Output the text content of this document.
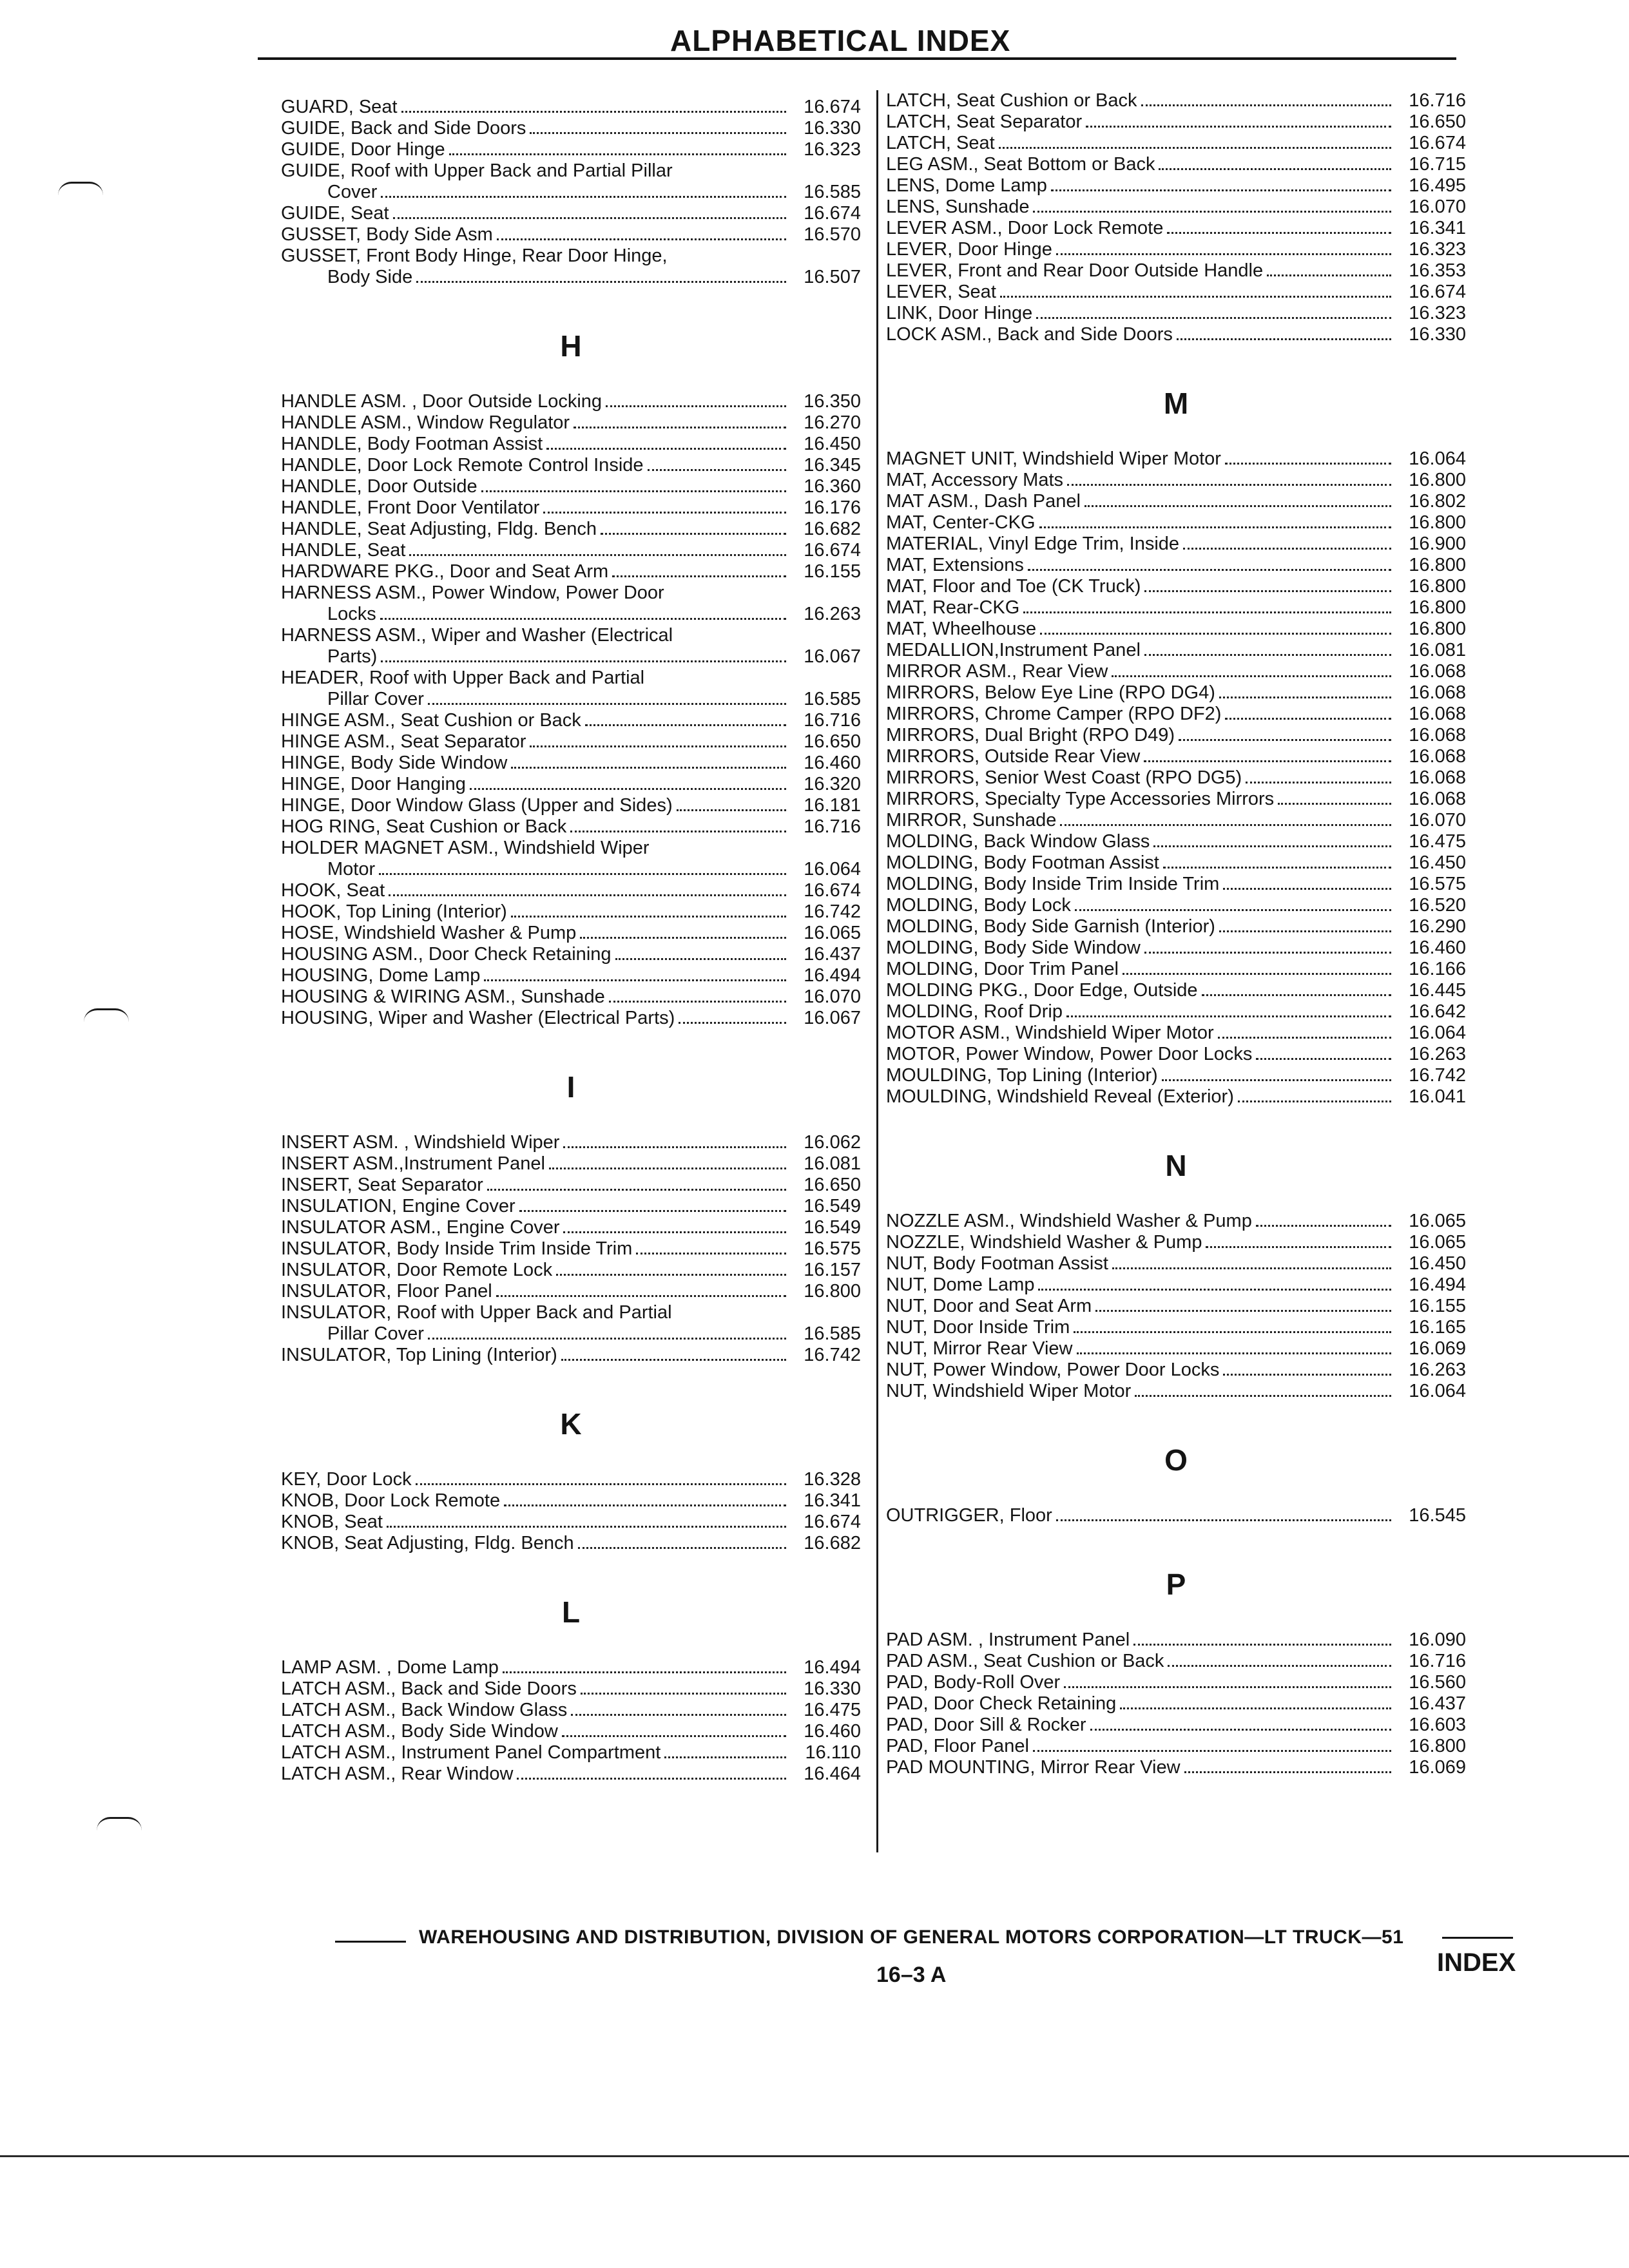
ALPHABETICAL INDEX
GUARD, Seat	16.674
GUIDE, Back and Side Doors	16.330
GUIDE, Door Hinge	16.323
GUIDE, Roof with Upper Back and Partial Pillar
Cover	16.585
GUIDE, Seat	16.674
GUSSET, Body Side Asm	16.570
GUSSET, Front Body Hinge, Rear Door Hinge,
Body Side	16.507
H
HANDLE ASM. , Door Outside Locking	16.350
HANDLE ASM., Window Regulator	16.270
HANDLE, Body Footman Assist	16.450
HANDLE, Door Lock Remote Control Inside	16.345
HANDLE, Door Outside	16.360
HANDLE, Front Door Ventilator	16.176
HANDLE, Seat Adjusting, Fldg. Bench	16.682
HANDLE, Seat	16.674
HARDWARE PKG., Door and Seat Arm	16.155
HARNESS ASM., Power Window, Power Door
Locks	16.263
HARNESS ASM., Wiper and Washer (Electrical
Parts)	16.067
HEADER, Roof with Upper Back and Partial
Pillar Cover	16.585
HINGE ASM., Seat Cushion or Back	16.716
HINGE ASM., Seat Separator	16.650
HINGE, Body Side Window	16.460
HINGE, Door Hanging	16.320
HINGE, Door Window Glass (Upper and Sides)	16.181
HOG RING, Seat Cushion or Back	16.716
HOLDER MAGNET ASM., Windshield Wiper
Motor	16.064
HOOK, Seat	16.674
HOOK, Top Lining (Interior)	16.742
HOSE, Windshield Washer & Pump	16.065
HOUSING ASM., Door Check Retaining	16.437
HOUSING, Dome Lamp	16.494
HOUSING & WIRING ASM., Sunshade	16.070
HOUSING, Wiper and Washer (Electrical Parts)	16.067
I
INSERT ASM. , Windshield Wiper	16.062
INSERT ASM.,Instrument Panel	16.081
INSERT, Seat Separator	16.650
INSULATION, Engine Cover	16.549
INSULATOR ASM., Engine Cover	16.549
INSULATOR, Body Inside Trim Inside Trim	16.575
INSULATOR, Door Remote Lock	16.157
INSULATOR, Floor Panel	16.800
INSULATOR, Roof with Upper Back and Partial
Pillar Cover	16.585
INSULATOR, Top Lining (Interior)	16.742
K
KEY, Door Lock	16.328
KNOB, Door Lock Remote	16.341
KNOB, Seat	16.674
KNOB, Seat Adjusting, Fldg. Bench	16.682
L
LAMP ASM. , Dome Lamp	16.494
LATCH ASM., Back and Side Doors	16.330
LATCH ASM., Back Window Glass	16.475
LATCH ASM., Body Side Window	16.460
LATCH ASM., Instrument Panel Compartment	16.110
LATCH ASM., Rear Window	16.464
LATCH, Seat Cushion or Back	16.716
LATCH, Seat Separator	16.650
LATCH, Seat	16.674
LEG ASM., Seat Bottom or Back	16.715
LENS, Dome Lamp	16.495
LENS, Sunshade	16.070
LEVER ASM., Door Lock Remote	16.341
LEVER, Door Hinge	16.323
LEVER, Front and Rear Door Outside Handle	16.353
LEVER, Seat	16.674
LINK, Door Hinge	16.323
LOCK ASM., Back and Side Doors	16.330
M
MAGNET UNIT, Windshield Wiper Motor	16.064
MAT, Accessory Mats	16.800
MAT ASM., Dash Panel	16.802
MAT, Center-CKG	16.800
MATERIAL, Vinyl Edge Trim, Inside	16.900
MAT, Extensions	16.800
MAT, Floor and Toe (CK Truck)	16.800
MAT, Rear-CKG	16.800
MAT, Wheelhouse	16.800
MEDALLION,Instrument Panel	16.081
MIRROR ASM., Rear View	16.068
MIRRORS, Below Eye Line (RPO DG4)	16.068
MIRRORS, Chrome Camper (RPO DF2)	16.068
MIRRORS, Dual Bright (RPO D49)	16.068
MIRRORS, Outside Rear View	16.068
MIRRORS, Senior West Coast (RPO DG5)	16.068
MIRRORS, Specialty Type Accessories Mirrors	16.068
MIRROR, Sunshade	16.070
MOLDING, Back Window Glass	16.475
MOLDING, Body Footman Assist	16.450
MOLDING, Body Inside Trim Inside Trim	16.575
MOLDING, Body Lock	16.520
MOLDING, Body Side Garnish (Interior)	16.290
MOLDING, Body Side Window	16.460
MOLDING, Door Trim Panel	16.166
MOLDING PKG., Door Edge, Outside	16.445
MOLDING, Roof Drip	16.642
MOTOR ASM., Windshield Wiper Motor	16.064
MOTOR, Power Window, Power Door Locks	16.263
MOULDING, Top Lining (Interior)	16.742
MOULDING, Windshield Reveal (Exterior)	16.041
N
NOZZLE ASM., Windshield Washer & Pump	16.065
NOZZLE, Windshield Washer & Pump	16.065
NUT, Body Footman Assist	16.450
NUT, Dome Lamp	16.494
NUT, Door and Seat Arm	16.155
NUT, Door Inside Trim	16.165
NUT, Mirror Rear View	16.069
NUT, Power Window, Power Door Locks	16.263
NUT, Windshield Wiper Motor	16.064
O
OUTRIGGER, Floor	16.545
P
PAD ASM. , Instrument Panel	16.090
PAD ASM., Seat Cushion or Back	16.716
PAD, Body-Roll Over	16.560
PAD, Door Check Retaining	16.437
PAD, Door Sill & Rocker	16.603
PAD, Floor Panel	16.800
PAD MOUNTING, Mirror Rear View	16.069
WAREHOUSING AND DISTRIBUTION, DIVISION OF GENERAL MOTORS CORPORATION—LT TRUCK—51
INDEX
16–3 A
